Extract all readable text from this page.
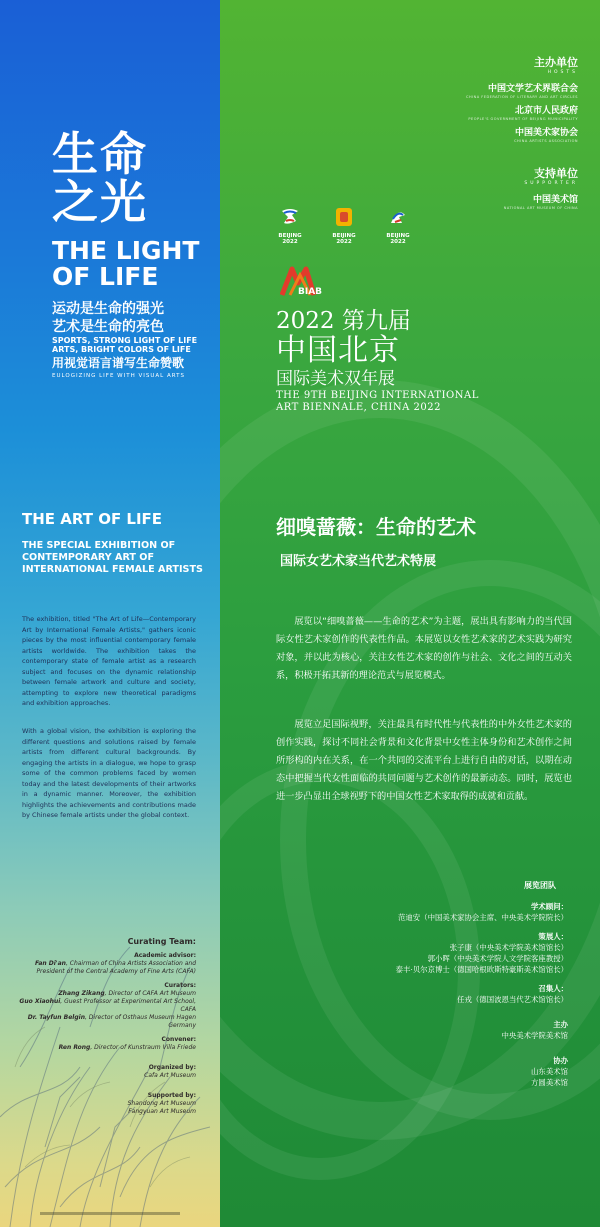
生命
之光
THE LIGHT
OF LIFE
运动是生命的强光
艺术是生命的亮色
SPORTS, STRONG LIGHT OF LIFE
ARTS, BRIGHT COLORS OF LIFE
用视觉语言谱写生命赞歌
EULOGIZING LIFE WITH VISUAL ARTS
THE ART OF LIFE
THE SPECIAL EXHIBITION OF CONTEMPORARY ART OF INTERNATIONAL FEMALE ARTISTS
The exhibition, titled "The Art of Life—Contemporary Art by International Female Artists," gathers iconic pieces by the most influential contemporary female artists worldwide. The exhibition takes the contemporary state of female artist as a research subject and focuses on the dynamic relationship between female artwork and culture and society, attempting to explore new theoretical paradigms and exhibition approaches.
With a global vision, the exhibition is exploring the different questions and solutions raised by female artists from different cultural backgrounds. By engaging the artists in a dialogue, we hope to grasp some of the common problems faced by women today and the latest developments of their artworks in a dynamic manner. Moreover, the exhibition highlights the achievements and contributions made by Chinese female artists under the global context.
Curating Team:
Academic advisor:
Fan Di'an, Chairman of China Artists Association and President of the Central Academy of Fine Arts (CAFA)
Curators:
Zhang Zikang, Director of CAFA Art Museum
Guo Xiaohui, Guest Professor at Experimental Art School, CAFA
Dr. Tayfun Belgin, Director of Osthaus Museum Hagen Germany
Convener:
Ren Rong, Director of Kunstraum Villa Friede
Organized by:
Cafa Art Museum
Supported by:
Shandong Art Museum
Fangyuan Art Museum
主办单位
HOSTS
中国文学艺术界联合会
CHINA FEDERATION OF LITERARY AND ART CIRCLES
北京市人民政府
PEOPLE'S GOVERNMENT OF BEIJING MUNICIPALITY
中国美术家协会
CHINA ARTISTS ASSOCIATION
支持单位
SUPPORTER
中国美术馆
NATIONAL ART MUSEUM OF CHINA
BEIJING 2022
BEIJING 2022
BEIJING 2022
BIAB
2022 第九届
中国北京
国际美术双年展
THE 9TH BEIJING INTERNATIONAL
ART BIENNALE, CHINA 2022
细嗅蔷薇：生命的艺术
国际女艺术家当代艺术特展
展览以“细嗅蔷薇——生命的艺术”为主题，展出具有影响力的当代国际女性艺术家创作的代表性作品。本展览以女性艺术家的艺术实践为研究对象，并以此为核心，关注女性艺术家的创作与社会、文化之间的互动关系，积极开拓其新的理论范式与展览模式。
展览立足国际视野，关注最具有时代性与代表性的中外女性艺术家的创作实践，探讨不同社会背景和文化背景中女性主体身份和艺术创作之间所形构的内在关系，在一个共同的交流平台上进行自由的对话，以期在动态中把握当代女性面临的共同问题与艺术创作的最新动态。同时，展览也进一步凸显出全球视野下的中国女性艺术家取得的成就和贡献。
展览团队
学术顾问：
范迪安（中国美术家协会主席、中央美术学院院长）
策展人：
张子康（中央美术学院美术馆馆长）
郭小晖（中央美术学院人文学院客座教授）
泰丰·贝尔京博士（德国哈根欧斯特豪斯美术馆馆长）
召集人：
任戎（德国波恩当代艺术馆馆长）
主办
中央美术学院美术馆
协办
山东美术馆
方圆美术馆
